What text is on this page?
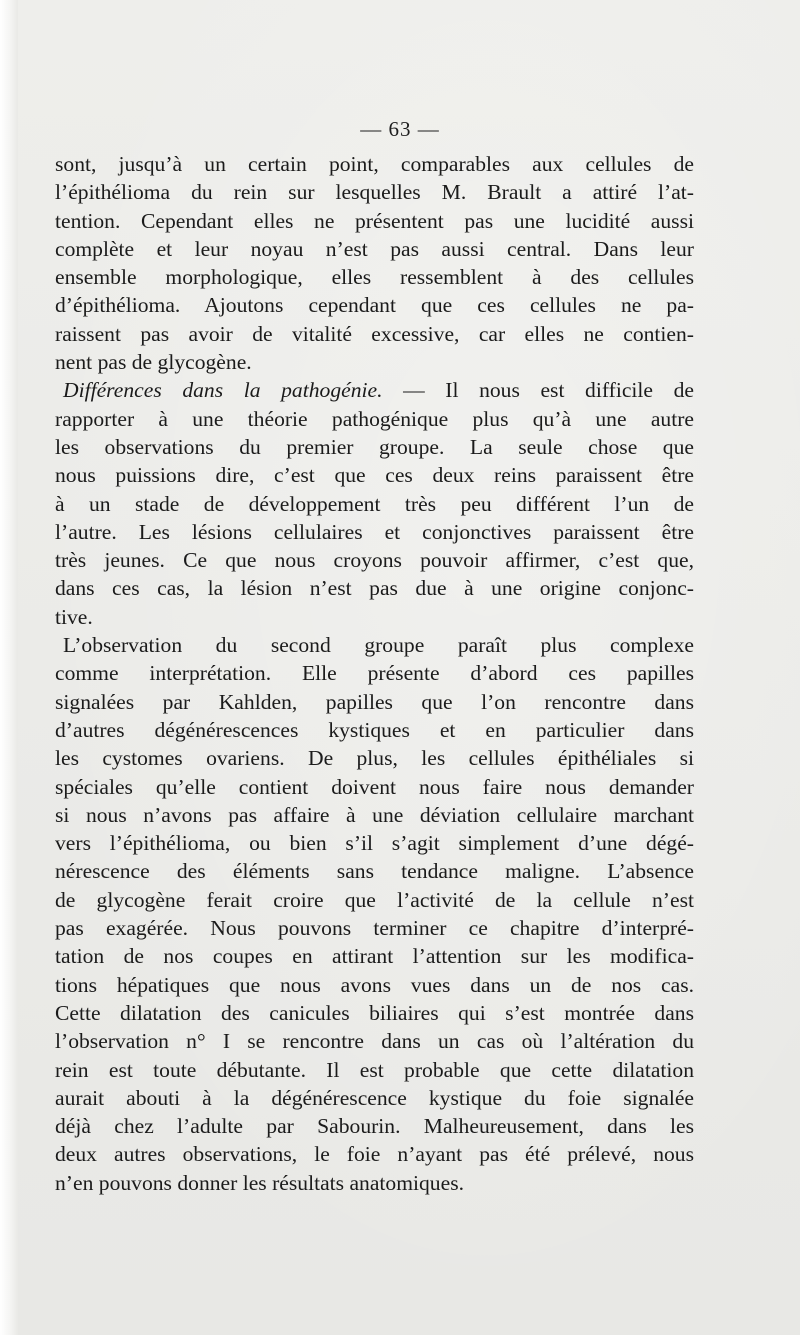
— 63 —
sont, jusqu’à un certain point, comparables aux cellules de
l’épithélioma du rein sur lesquelles M. Brault a attiré l’at-
tention. Cependant elles ne présentent pas une lucidité aussi
complète et leur noyau n’est pas aussi central. Dans leur
ensemble morphologique, elles ressemblent à des cellules
d’épithélioma. Ajoutons cependant que ces cellules ne pa-
raissent pas avoir de vitalité excessive, car elles ne contien-
nent pas de glycogène.
Différences dans la pathogénie. — Il nous est difficile de
rapporter à une théorie pathogénique plus qu’à une autre
les observations du premier groupe. La seule chose que
nous puissions dire, c’est que ces deux reins paraissent être
à un stade de développement très peu différent l’un de
l’autre. Les lésions cellulaires et conjonctives paraissent être
très jeunes. Ce que nous croyons pouvoir affirmer, c’est que,
dans ces cas, la lésion n’est pas due à une origine conjonc-
tive.
L’observation du second groupe paraît plus complexe
comme interprétation. Elle présente d’abord ces papilles
signalées par Kahlden, papilles que l’on rencontre dans
d’autres dégénérescences kystiques et en particulier dans
les cystomes ovariens. De plus, les cellules épithéliales si
spéciales qu’elle contient doivent nous faire nous demander
si nous n’avons pas affaire à une déviation cellulaire marchant
vers l’épithélioma, ou bien s’il s’agit simplement d’une dégé-
nérescence des éléments sans tendance maligne. L’absence
de glycogène ferait croire que l’activité de la cellule n’est
pas exagérée. Nous pouvons terminer ce chapitre d’interpré-
tation de nos coupes en attirant l’attention sur les modifica-
tions hépatiques que nous avons vues dans un de nos cas.
Cette dilatation des canicules biliaires qui s’est montrée dans
l’observation n° I se rencontre dans un cas où l’altération du
rein est toute débutante. Il est probable que cette dilatation
aurait abouti à la dégénérescence kystique du foie signalée
déjà chez l’adulte par Sabourin. Malheureusement, dans les
deux autres observations, le foie n’ayant pas été prélevé, nous
n’en pouvons donner les résultats anatomiques.
